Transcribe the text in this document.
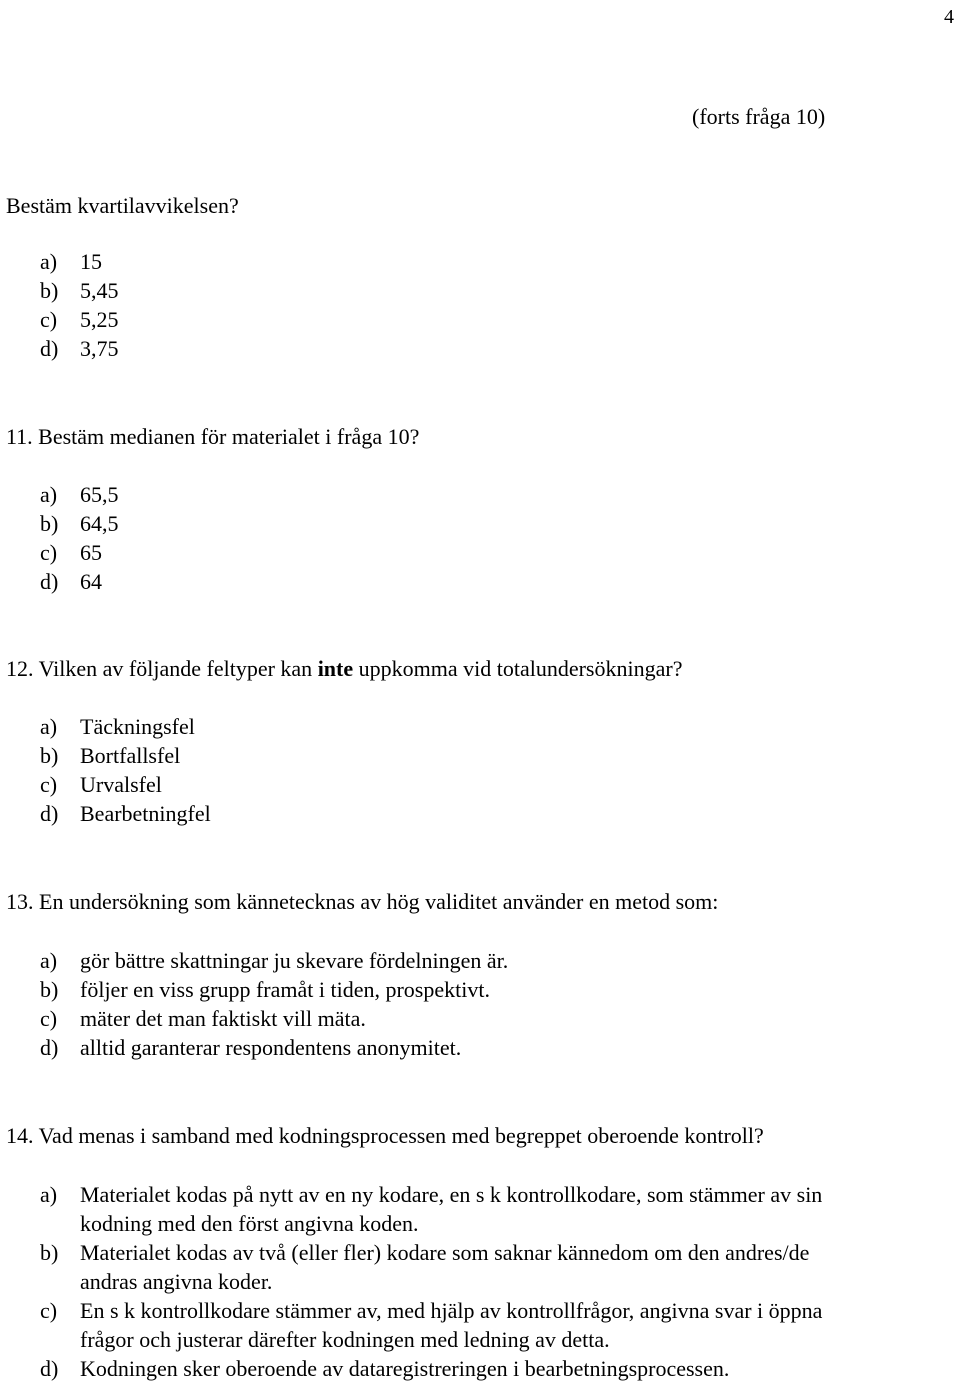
4
(forts fråga 10)
Bestäm kvartilavvikelsen?
a) 15
b) 5,45
c) 5,25
d) 3,75
11. Bestäm medianen för materialet i fråga 10?
a) 65,5
b) 64,5
c) 65
d) 64
12. Vilken av följande feltyper kan inte uppkomma vid totalundersökningar?
a) Täckningsfel
b) Bortfallsfel
c) Urvalsfel
d) Bearbetningfel
13. En undersökning som kännetecknas av hög validitet använder en metod som:
a) gör bättre skattningar ju skevare fördelningen är.
b) följer en viss grupp framåt i tiden, prospektivt.
c) mäter det man faktiskt vill mäta.
d) alltid garanterar respondentens anonymitet.
14. Vad menas i samband med kodningsprocessen med begreppet oberoende kontroll?
a) Materialet kodas på nytt av en ny kodare, en s k kontrollkodare, som stämmer av sin
kodning med den först angivna koden.
b) Materialet kodas av två (eller fler) kodare som saknar kännedom om den andres/de
andras angivna koder.
c) En s k kontrollkodare stämmer av, med hjälp av kontrollfrågor, angivna svar i öppna
frågor och justerar därefter kodningen med ledning av detta.
d) Kodningen sker oberoende av dataregistreringen i bearbetningsprocessen.
